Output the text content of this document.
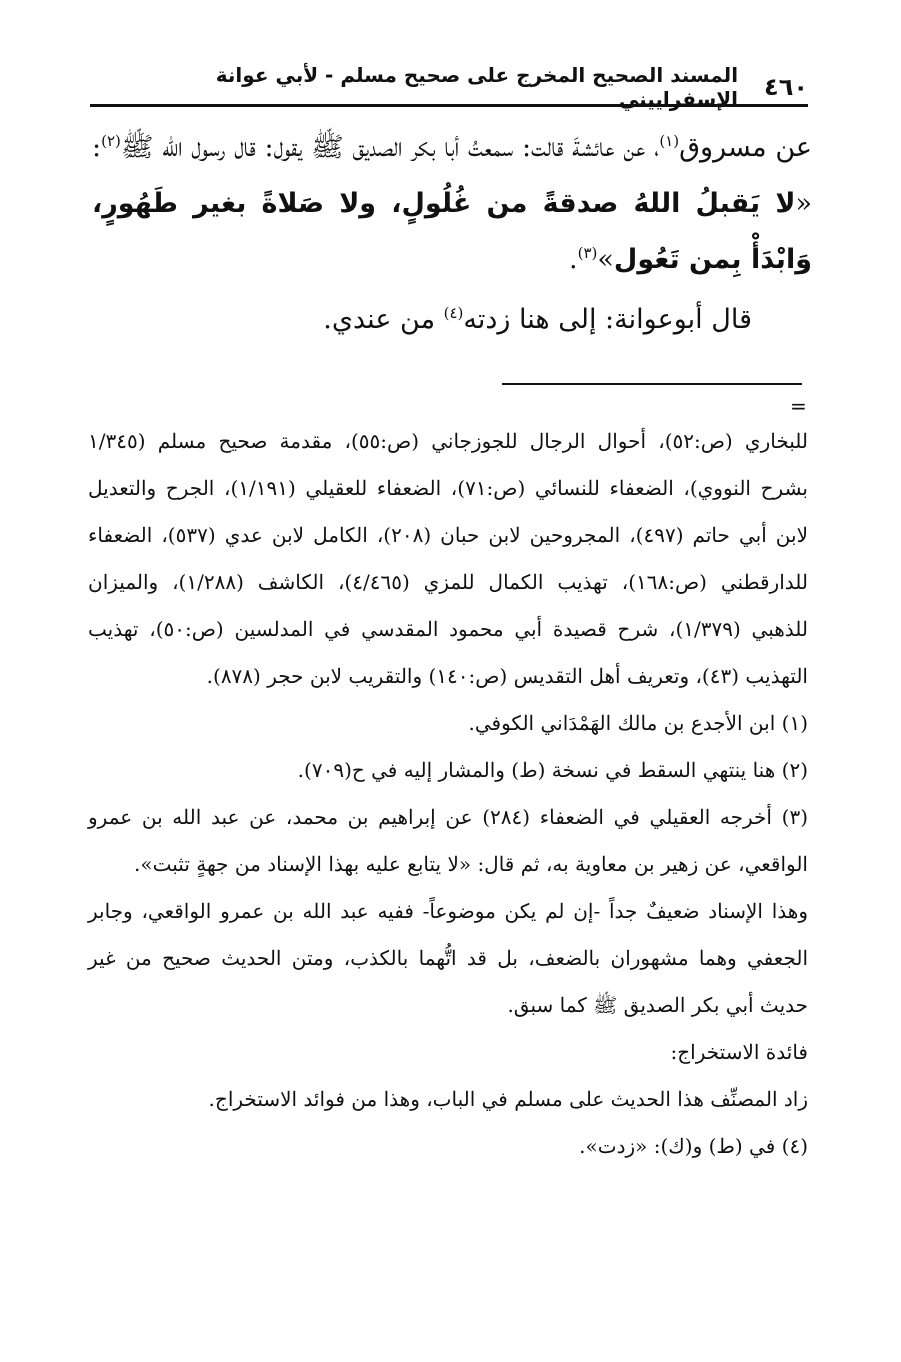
٤٦٠
المسند الصحيح المخرج على صحيح مسلم - لأبي عوانة الإسفراييني

عن مسروق$^{(١)}$، عن عائشةَ قالت: سمعتُ أبا بكر الصديق ﷺ يقول: قال رسول الله ﷺ$^{(٢)}$: «لا يَقبلُ اللهُ صدقةً من غُلُولٍ، ولا صَلاةً بغير طَهُورٍ، وَابْدَأْ بِمن تَعُول»$^{(٣)}$.

قال أبوعوانة: إلى هنا زدته$^{(٤)}$ من عندي.

=

للبخاري (ص:٥٢)، أحوال الرجال للجوزجاني (ص:٥٥)، مقدمة صحيح مسلم (١/٣٤٥ بشرح النووي)، الضعفاء للنسائي (ص:٧١)، الضعفاء للعقيلي (١/١٩١)، الجرح والتعديل لابن أبي حاتم (٤٩٧)، المجروحين لابن حبان (٢٠٨)، الكامل لابن عدي (٥٣٧)، الضعفاء للدارقطني (ص:١٦٨)، تهذيب الكمال للمزي (٤/٤٦٥)، الكاشف (١/٢٨٨)، والميزان للذهبي (١/٣٧٩)، شرح قصيدة أبي محمود المقدسي في المدلسين (ص:٥٠)، تهذيب التهذيب (٤٣)، وتعريف أهل التقديس (ص:١٤٠) والتقريب لابن حجر (٨٧٨).

(١) ابن الأجدع بن مالك الهَمْدَاني الكوفي.

(٢) هنا ينتهي السقط في نسخة (ط) والمشار إليه في ح(٧٠٩).

(٣) أخرجه العقيلي في الضعفاء (٢٨٤) عن إبراهيم بن محمد، عن عبد الله بن عمرو الواقعي، عن زهير بن معاوية به، ثم قال: «لا يتابع عليه بهذا الإسناد من جهةٍ تثبت».

وهذا الإسناد ضعيفٌ جداً -إن لم يكن موضوعاً- ففيه عبد الله بن عمرو الواقعي، وجابر الجعفي وهما مشهوران بالضعف، بل قد اتُّهما بالكذب، ومتن الحديث صحيح من غير حديث أبي بكر الصديق ﷺ كما سبق.

فائدة الاستخراج:

زاد المصنِّف هذا الحديث على مسلم في الباب، وهذا من فوائد الاستخراج.

(٤) في (ط) و(ك): «زدت».
